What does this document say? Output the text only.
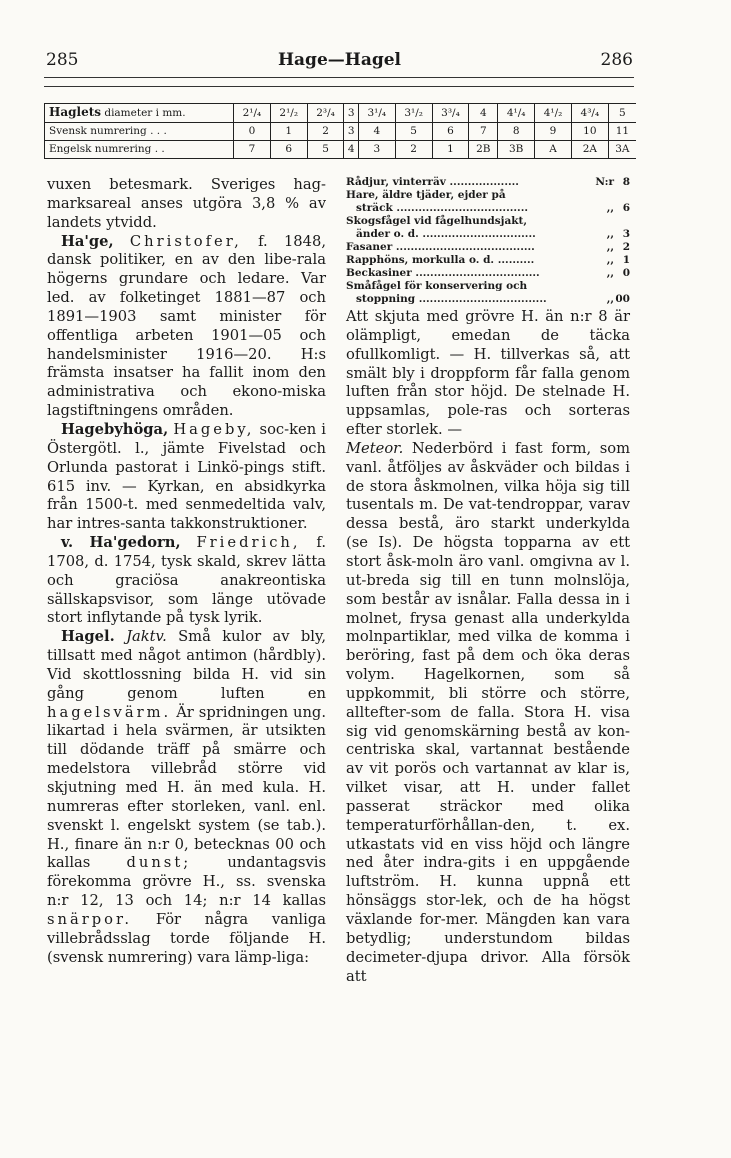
285	Hage—Hagel	286
Haglets diameter i mm.	2¹/₄	2¹/₂	2³/₄	3	3¹/₄	3¹/₂	3³/₄	4	4¹/₄	4¹/₂	4³/₄	5
Svensk numrering . . .	0	1	2	3	4	5	6	7	8	9	10	11
Engelsk numrering . .	7	6	5	4	3	2	1	2B	3B	A	2A	3A

vuxen betesmark. Sveriges hag-marksareal anses utgöra 3,8 % av landets ytvidd.

Ha'ge, Christofer, f. 1848, dansk politiker, en av den libe-rala högerns grundare och ledare. Var led. av folketinget 1881—87 och 1891—1903 samt minister för offentliga arbeten 1901—05 och handelsminister 1916—20. H:s främsta insatser ha fallit inom den administrativa och ekono-miska lagstiftningens områden.

Hagebyhöga, Hageby, soc-ken i Östergötl. l., jämte Fivelstad och Orlunda pastorat i Linkö-pings stift. 615 inv. — Kyrkan, en absidkyrka från 1500-t. med senmedeltida valv, har intres-santa takkonstruktioner.

v. Ha'gedorn, Friedrich, f. 1708, d. 1754, tysk skald, skrev lätta och graciösa anakreontiska sällskapsvisor, som länge utövade stort inflytande på tysk lyrik.

Hagel. Jaktv. Små kulor av bly, tillsatt med något antimon (hårdbly). Vid skottlossning bilda H. vid sin gång genom luften en hagelsvärm. Är spridningen ung. likartad i hela svärmen, är utsikten till dödande träff på smärre och medelstora villebråd större vid skjutning med H. än med kula. H. numreras efter storleken, vanl. enl. svenskt l. engelskt system (se tab.). H., finare än n:r 0, betecknas 00 och kallas dunst; undantagsvis förekomma grövre H., ss. svenska n:r 12, 13 och 14; n:r 14 kallas snärpor. För några vanliga villebrådsslag torde följande H. (svensk numrering) vara lämp-liga:

Rådjur, vinterräv ...................	N:r 8
Hare, äldre tjäder, ejder på
sträck ....................................	,, 6
Skogsfågel vid fågelhundsjakt,
änder o. d. ...............................	,, 3
Fasaner ......................................	,, 2
Rapphöns, morkulla o. d. ..........	,, 1
Beckasiner ..................................	,, 0
Småfågel för konservering och
stoppning ...................................	,, 00

Att skjuta med grövre H. än n:r 8 är olämpligt, emedan de täcka ofullkomligt. — H. tillverkas så, att smält bly i droppform får falla genom luften från stor höjd. De stelnade H. uppsamlas, pole-ras och sorteras efter storlek. —

Meteor. Nederbörd i fast form, som vanl. åtföljes av åskväder och bildas i de stora åskmolnen, vilka höja sig till tusentals m. De vat-tendroppar, varav dessa bestå, äro starkt underkylda (se Is). De högsta topparna av ett stort åsk-moln äro vanl. omgivna av l. ut-breda sig till en tunn molnslöja, som består av isnålar. Falla dessa in i molnet, frysa genast alla underkylda molnpartiklar, med vilka de komma i beröring, fast på dem och öka deras volym. Hagelkornen, som så uppkommit, bli större och större, alltefter-som de falla. Stora H. visa sig vid genomskärning bestå av kon-centriska skal, vartannat bestående av vit porös och vartannat av klar is, vilket visar, att H. under fallet passerat sträckor med olika temperaturförhållan-den, t. ex. utkastats vid en viss höjd och längre ned åter indra-gits i en uppgående luftström. H. kunna uppnå ett hönsäggs stor-lek, och de ha högst växlande for-mer. Mängden kan vara betydlig; understundom bildas decimeter-djupa drivor. Alla försök att
